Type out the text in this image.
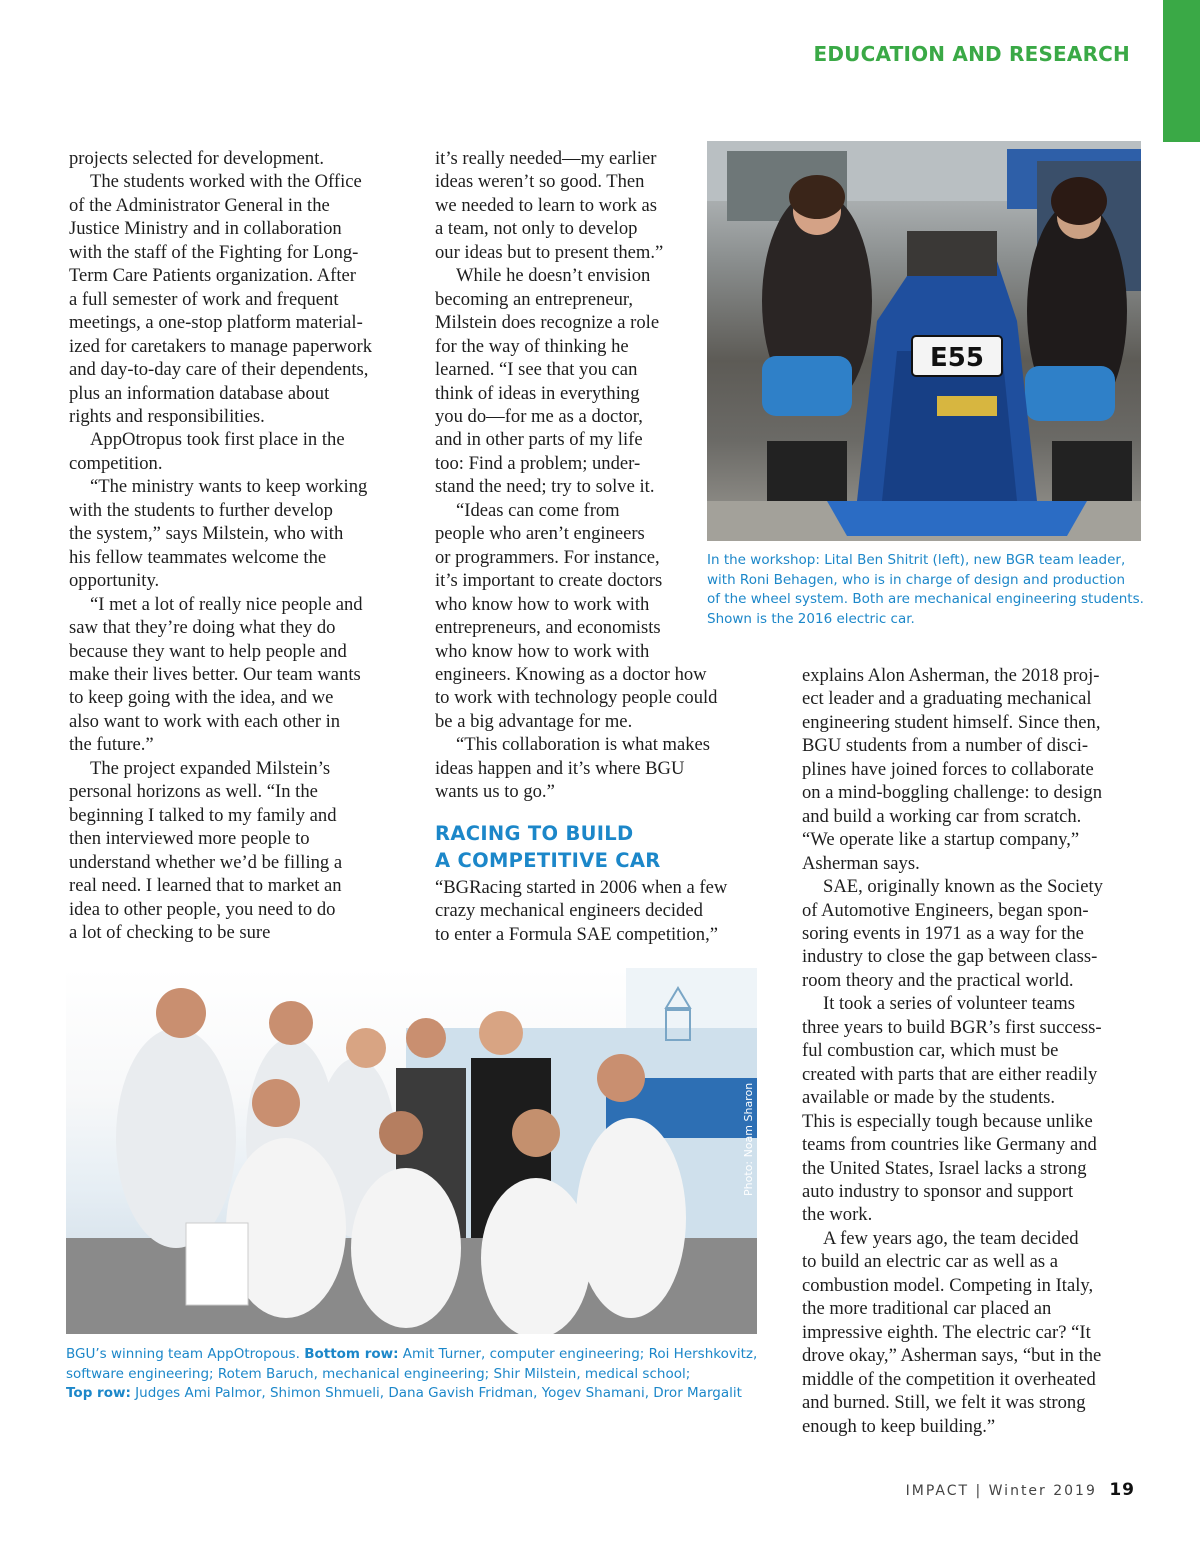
EDUCATION AND RESEARCH

projects selected for development.

The students worked with the Office

of the Administrator General in the

Justice Ministry and in collaboration

with the staff of the Fighting for Long-

Term Care Patients organization. After

a full semester of work and frequent

meetings, a one-stop platform material-

ized for caretakers to manage paperwork

and day-to-day care of their dependents,

plus an information database about

rights and responsibilities.

AppOtropus took first place in the

competition.

“The ministry wants to keep working

with the students to further develop

the system,” says Milstein, who with

his fellow teammates welcome the

opportunity.

“I met a lot of really nice people and

saw that they’re doing what they do

because they want to help people and

make their lives better. Our team wants

to keep going with the idea, and we

also want to work with each other in

the future.”

The project expanded Milstein’s

personal horizons as well. “In the

beginning I talked to my family and

then interviewed more people to

understand whether we’d be filling a

real need. I learned that to market an

idea to other people, you need to do

a lot of checking to be sure

it’s really needed—my earlier

ideas weren’t so good. Then

we needed to learn to work as

a team, not only to develop

our ideas but to present them.”

While he doesn’t envision

becoming an entrepreneur,

Milstein does recognize a role

for the way of thinking he

learned. “I see that you can

think of ideas in everything

you do—for me as a doctor,

and in other parts of my life

too: Find a problem; under-

stand the need; try to solve it.

“Ideas can come from

people who aren’t engineers

or programmers. For instance,

it’s important to create doctors

who know how to work with

entrepreneurs, and economists

who know how to work with

engineers. Knowing as a doctor how

to work with technology people could

be a big advantage for me.

“This collaboration is what makes

ideas happen and it’s where BGU

wants us to go.”

RACING TO BUILD
A COMPETITIVE CAR

“BGRacing started in 2006 when a few

crazy mechanical engineers decided

to enter a Formula SAE competition,”

explains Alon Asherman, the 2018 proj-

ect leader and a graduating mechanical

engineering student himself. Since then,

BGU students from a number of disci-

plines have joined forces to collaborate

on a mind-boggling challenge: to design

and build a working car from scratch.

“We operate like a startup company,”

Asherman says.

SAE, originally known as the Society

of Automotive Engineers, began spon-

soring events in 1971 as a way for the

industry to close the gap between class-

room theory and the practical world.

It took a series of volunteer teams

three years to build BGR’s first success-

ful combustion car, which must be

created with parts that are either readily

available or made by the students.

This is especially tough because unlike

teams from countries like Germany and

the United States, Israel lacks a strong

auto industry to sponsor and support

the work.

A few years ago, the team decided

to build an electric car as well as a

combustion model. Competing in Italy,

the more traditional car placed an

impressive eighth. The electric car? “It

drove okay,” Asherman says, “but in the

middle of the competition it overheated

and burned. Still, we felt it was strong

enough to keep building.”

E55

In the workshop: Lital Ben Shitrit (left), new BGR team leader,

with Roni Behagen, who is in charge of design and production

of the wheel system. Both are mechanical engineering students.

Shown is the 2016 electric car.

Photo: Noam Sharon

BGU’s winning team AppOtropous. Bottom row: Amit Turner, computer engineering; Roi Hershkovitz,

software engineering; Rotem Baruch, mechanical engineering; Shir Milstein, medical school;

Top row: Judges Ami Palmor, Shimon Shmueli, Dana Gavish Fridman, Yogev Shamani, Dror Margalit

IMPACT | Winter 2019 19
